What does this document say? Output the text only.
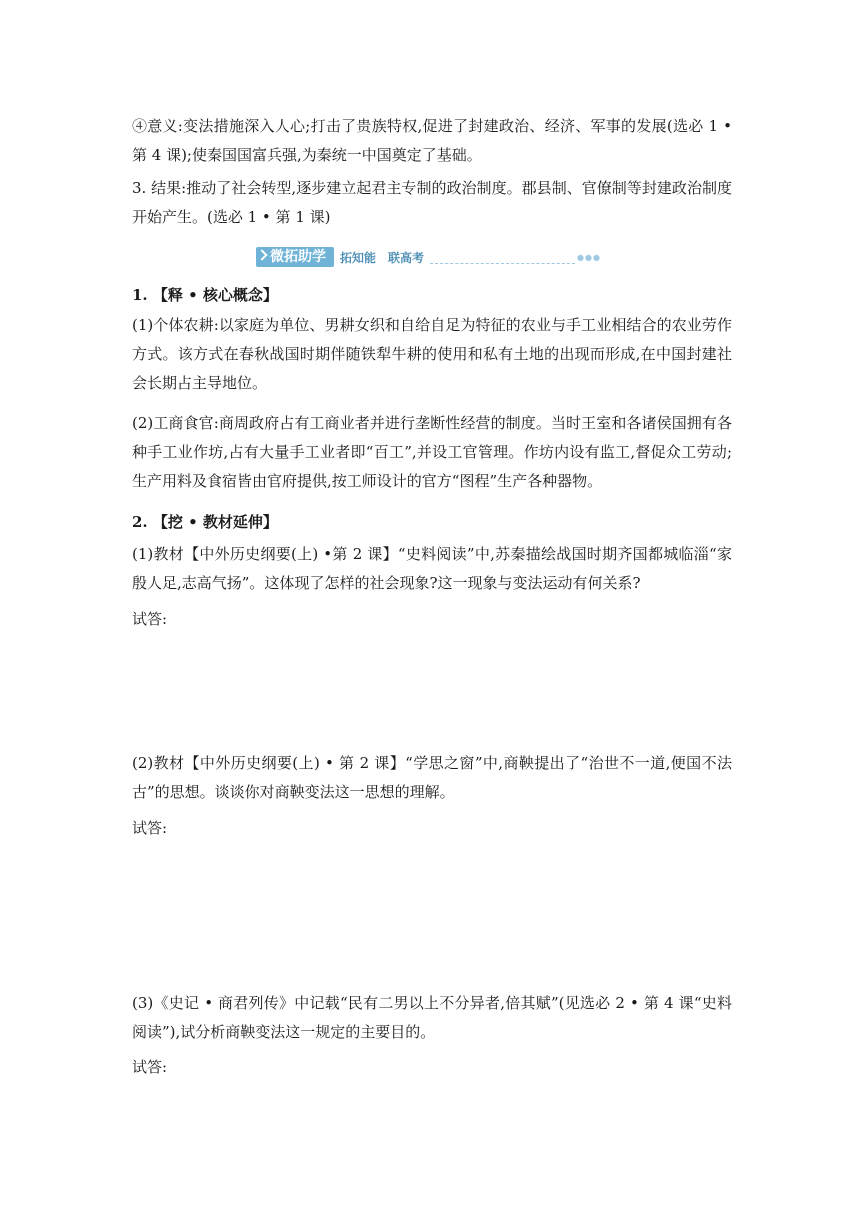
④意义:变法措施深入人心;打击了贵族特权,促进了封建政治、经济、军事的发展(选必 1 •第 4 课);使秦国国富兵强,为秦统一中国奠定了基础。

3. 结果:推动了社会转型,逐步建立起君主专制的政治制度。郡县制、官僚制等封建政治制度开始产生。(选必 1 • 第 1 课)

微拓助学	拓知能　联高考	●●●

1. 【释 • 核心概念】

(1)个体农耕:以家庭为单位、男耕女织和自给自足为特征的农业与手工业相结合的农业劳作方式。该方式在春秋战国时期伴随铁犁牛耕的使用和私有土地的出现而形成,在中国封建社会长期占主导地位。

(2)工商食官:商周政府占有工商业者并进行垄断性经营的制度。当时王室和各诸侯国拥有各种手工业作坊,占有大量手工业者即“百工”,并设工官管理。作坊内设有监工,督促众工劳动;生产用料及食宿皆由官府提供,按工师设计的官方“图程”生产各种器物。

2. 【挖 • 教材延伸】

(1)教材【中外历史纲要(上) •第 2 课】“史料阅读”中,苏秦描绘战国时期齐国都城临淄“家殷人足,志高气扬”。这体现了怎样的社会现象?这一现象与变法运动有何关系?

试答:

(2)教材【中外历史纲要(上) • 第 2 课】“学思之窗”中,商鞅提出了“治世不一道,便国不法古”的思想。谈谈你对商鞅变法这一思想的理解。

试答:

(3)《史记 • 商君列传》中记载“民有二男以上不分异者,倍其赋”(见选必 2 • 第 4 课“史料阅读”),试分析商鞅变法这一规定的主要目的。

试答:
